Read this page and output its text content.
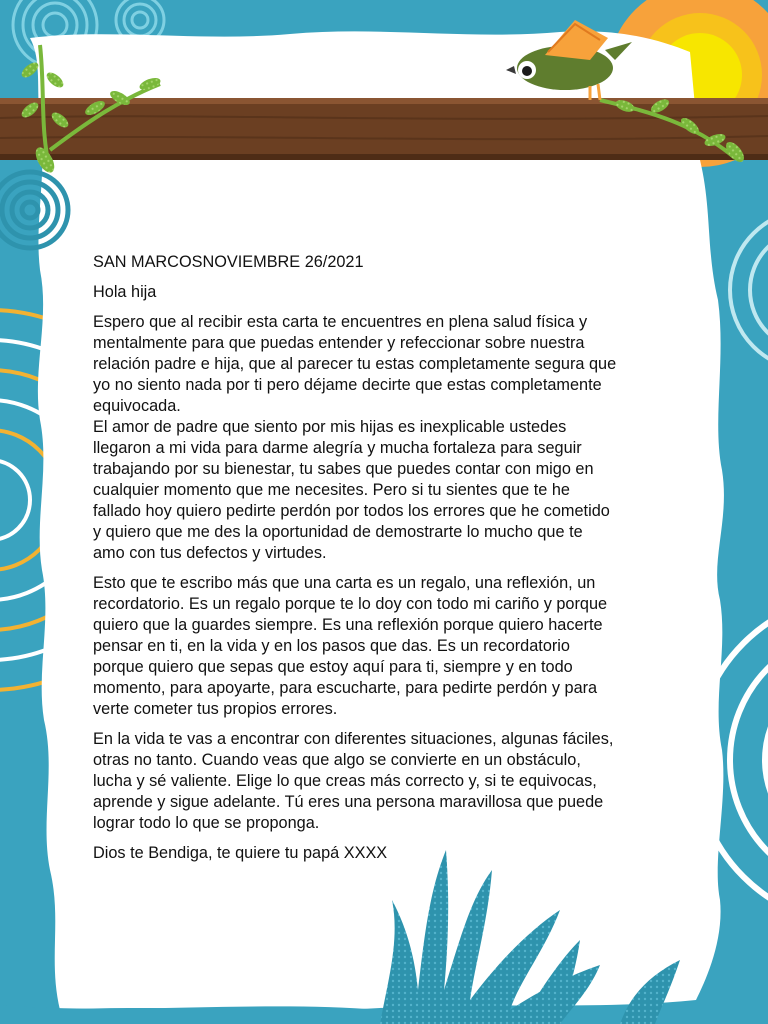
SAN MARCOSNOVIEMBRE 26/2021

Hola hija

Espero que al recibir esta carta te encuentres en plena salud física y
mentalmente para que puedas entender y refeccionar sobre nuestra
relación padre e hija, que al parecer tu estas completamente segura que
yo no siento nada por ti pero déjame decirte que estas completamente
equivocada.
El amor de padre que siento por mis hijas es inexplicable ustedes
llegaron a mi vida para darme alegría y mucha fortaleza para seguir
trabajando por su bienestar, tu sabes que puedes contar con migo en
cualquier momento que me necesites. Pero si tu sientes que te he
fallado hoy quiero pedirte perdón por todos los errores que he cometido
y quiero que me des la oportunidad de demostrarte lo mucho que te
amo con tus defectos y virtudes.

Esto que te escribo más que una carta es un regalo, una reflexión, un
recordatorio. Es un regalo porque te lo doy con todo mi cariño y porque
quiero que la guardes siempre. Es una reflexión porque quiero hacerte
pensar en ti, en la vida y en los pasos que das. Es un recordatorio
porque quiero que sepas que estoy aquí para ti, siempre y en todo
momento, para apoyarte, para escucharte, para pedirte perdón y para
verte cometer tus propios errores.

En la vida te vas a encontrar con diferentes situaciones, algunas fáciles,
otras no tanto. Cuando veas que algo se convierte en un obstáculo,
lucha y sé valiente. Elige lo que creas más correcto y, si te equivocas,
aprende y sigue adelante. Tú eres una persona maravillosa que puede
lograr todo lo que se proponga.

Dios te Bendiga, te quiere tu papá XXXX
